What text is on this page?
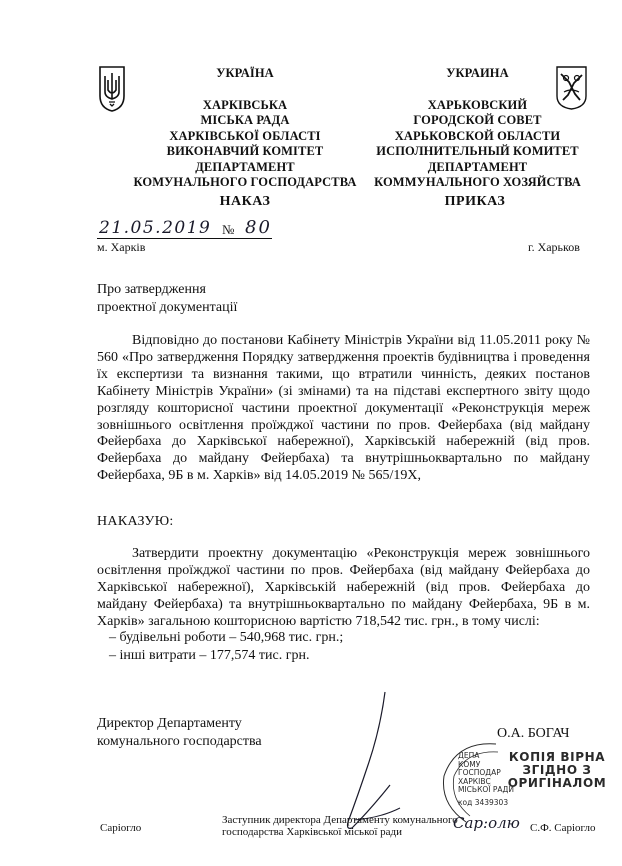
УКРАЇНА
ХАРКІВСЬКА
МІСЬКА РАДА
ХАРКІВСЬКОЇ ОБЛАСТІ
ВИКОНАВЧИЙ КОМІТЕТ
ДЕПАРТАМЕНТ
КОМУНАЛЬНОГО ГОСПОДАРСТВА
УКРАИНА
ХАРЬКОВСКИЙ
ГОРОДСКОЙ СОВЕТ
ХАРЬКОВСКОЙ ОБЛАСТИ
ИСПОЛНИТЕЛЬНЫЙ КОМИТЕТ
ДЕПАРТАМЕНТ
КОММУНАЛЬНОГО ХОЗЯЙСТВА
НАКАЗ	ПРИКАЗ
21.05.2019 № 80
м. Харків	г. Харьков
Про затвердження
проектної документації
Відповідно до постанови Кабінету Міністрів України від 11.05.2011 року № 560 «Про затвердження Порядку затвердження проектів будівництва і проведення їх експертизи та визнання такими, що втратили чинність, деяких постанов Кабінету Міністрів України» (зі змінами) та на підставі експертного звіту щодо розгляду кошторисної частини проектної документації «Реконструкція мереж зовнішнього освітлення проїжджої частини по пров. Фейербаха (від майдану Фейербаха до Харківської набережної), Харківській набережній (від пров. Фейербаха до майдану Фейербаха) та внутрішньоквартально по майдану Фейербаха, 9Б в м. Харків» від 14.05.2019 № 565/19Х,
НАКАЗУЮ:
Затвердити проектну документацію «Реконструкція мереж зовнішнього освітлення проїжджої частини по пров. Фейербаха (від майдану Фейербаха до Харківської набережної), Харківській набережній (від пров. Фейербаха до майдану Фейербаха) та внутрішньоквартально по майдану Фейербаха, 9Б в м. Харків» загальною кошторисною вартістю 718,542 тис. грн., в тому числі:
– будівельні роботи – 540,968 тис. грн.;
– інші витрати – 177,574 тис. грн.
Директор Департаменту
комунального господарства
О.А. БОГАЧ
ДЕПА
КОМУ
ГОСПОДАР
ХАРКІВС
МІСЬКОЇ РАДИ
код 3439303
КОПІЯ ВІРНА
ЗГІДНО З
ОРИГІНАЛОМ
Саріогло
Заступник директора Департаменту комунального
господарства Харківської міської ради	Сар:олю С.Ф. Саріогло
